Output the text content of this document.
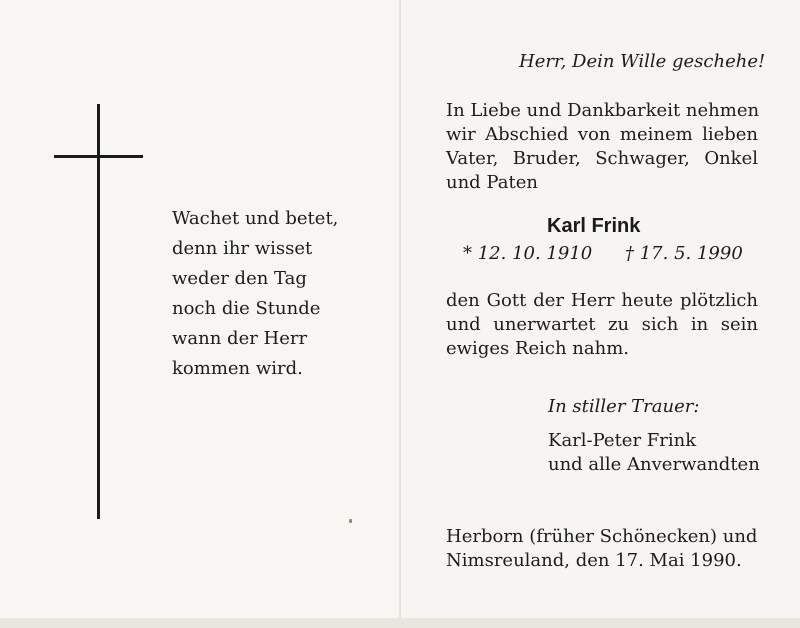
Wachet und betet,
denn ihr wisset
weder den Tag
noch die Stunde
wann der Herr
kommen wird.
Herr, Dein Wille geschehe!
In Liebe und Dankbarkeit nehmen
wir Abschied von meinem lieben
Vater, Bruder, Schwager, Onkel
und Paten
Karl Frink
* 12. 10. 1910 † 17. 5. 1990
den Gott der Herr heute plötzlich
und unerwartet zu sich in sein
ewiges Reich nahm.
In stiller Trauer:
Karl-Peter Frink
und alle Anverwandten
Herborn (früher Schönecken) und
Nimsreuland, den 17. Mai 1990.
